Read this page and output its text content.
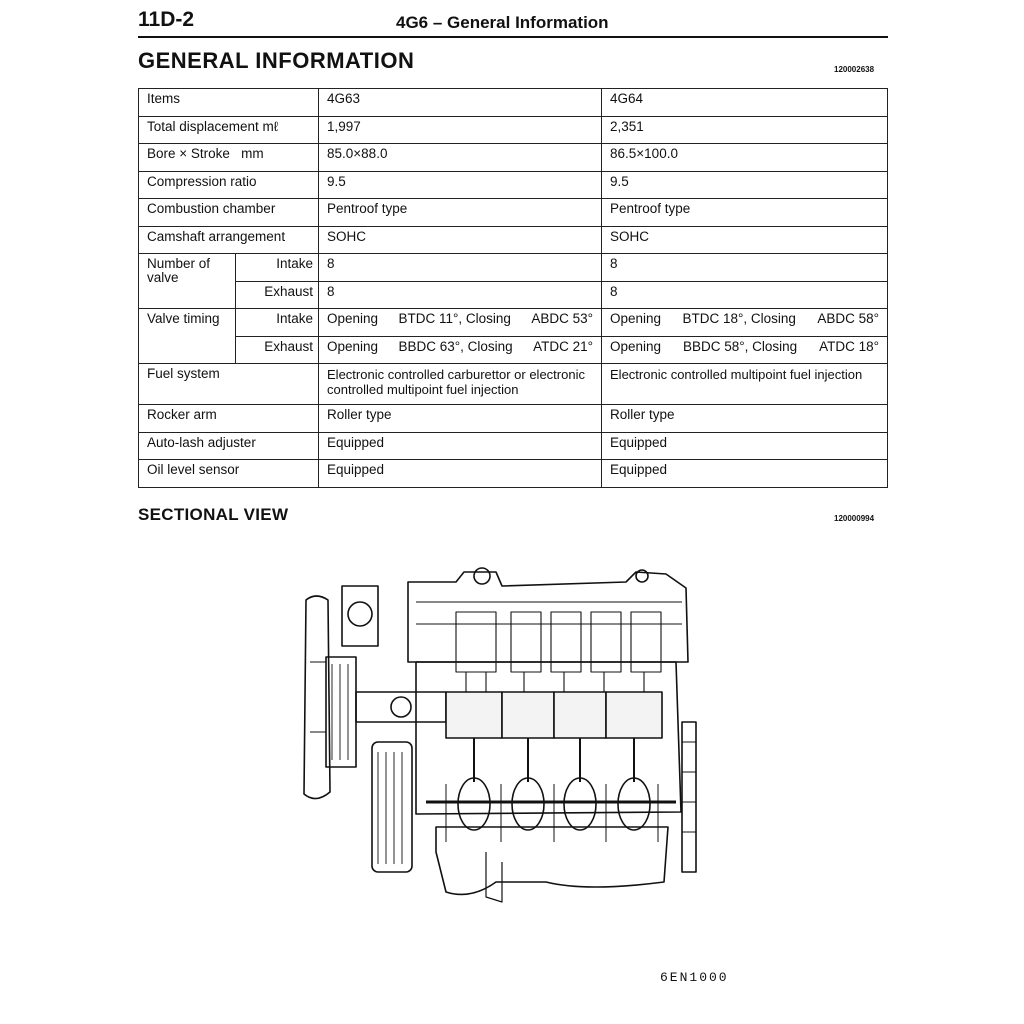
11D-2	4G6 – General Information
GENERAL INFORMATION	120002638
Items		4G63	4G64
Total displacement mℓ		1,997	2,351
Bore × Stroke   mm		85.0×88.0	86.5×100.0
Compression ratio		9.5	9.5
Combustion chamber		Pentroof type	Pentroof type
Camshaft arrangement		SOHC	SOHC
Number of valve	Intake	8	8
	Exhaust	8	8
Valve timing	Intake	Opening BTDC 11°, Closing ABDC 53°	Opening BTDC 18°, Closing ABDC 58°

	Exhaust	Opening BBDC 63°, Closing ATDC 21°	Opening BBDC 58°, Closing ATDC 18°

Fuel system		Electronic controlled carburettor or electronic controlled multipoint fuel injection	Electronic controlled multipoint fuel injection
Rocker arm		Roller type	Roller type
Auto-lash adjuster		Equipped	Equipped
Oil level sensor		Equipped	Equipped
SECTIONAL VIEW	120000994
6EN1000
